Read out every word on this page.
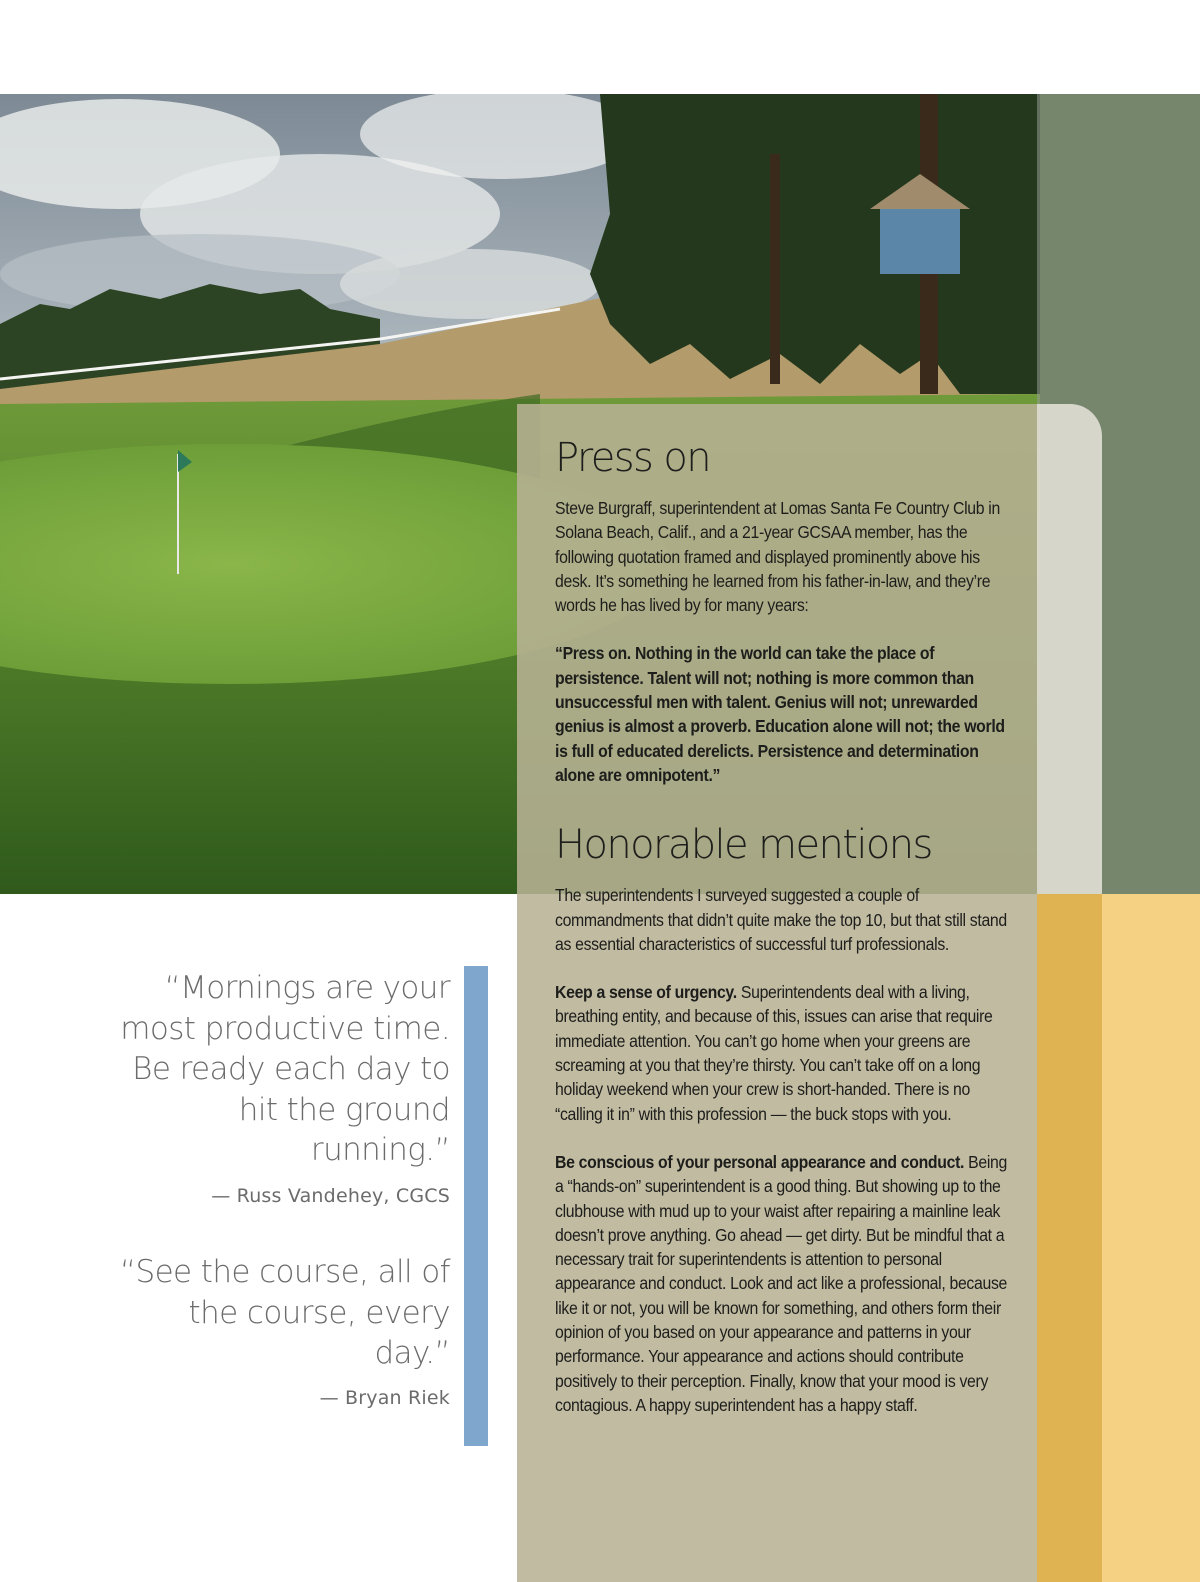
Press on

Steve Burgraff, superintendent at Lomas Santa Fe Country Club in Solana Beach, Calif., and a 21-year GCSAA member, has the following quotation framed and displayed prominently above his desk. It’s something he learned from his father-in-law, and they’re words he has lived by for many years:

“Press on. Nothing in the world can take the place of persistence. Talent will not; nothing is more common than unsuccessful men with talent. Genius will not; unrewarded genius is almost a proverb. Education alone will not; the world is full of educated derelicts. Persistence and determination alone are omnipotent.”

Honorable mentions

The superintendents I surveyed suggested a couple of commandments that didn’t quite make the top 10, but that still stand as essential characteristics of successful turf professionals.

Keep a sense of urgency. Superintendents deal with a living, breathing entity, and because of this, issues can arise that require immediate attention. You can’t go home when your greens are screaming at you that they’re thirsty. You can’t take off on a long holiday weekend when your crew is short-handed. There is no “calling it in” with this profession — the buck stops with you.

Be conscious of your personal appearance and conduct. Being a “hands-on” superintendent is a good thing. But showing up to the clubhouse with mud up to your waist after repairing a mainline leak doesn’t prove anything. Go ahead — get dirty. But be mindful that a necessary trait for superintendents is attention to personal appearance and conduct. Look and act like a professional, because like it or not, you will be known for something, and others form their opinion of you based on your appearance and patterns in your performance. Your appearance and actions should contribute positively to their perception. Finally, know that your mood is very contagious. A happy superintendent has a happy staff.

“Mornings are your most productive time. Be ready each day to hit the ground running.”
— Russ Vandehey, CGCS
“See the course, all of the course, every day.”
— Bryan Riek
